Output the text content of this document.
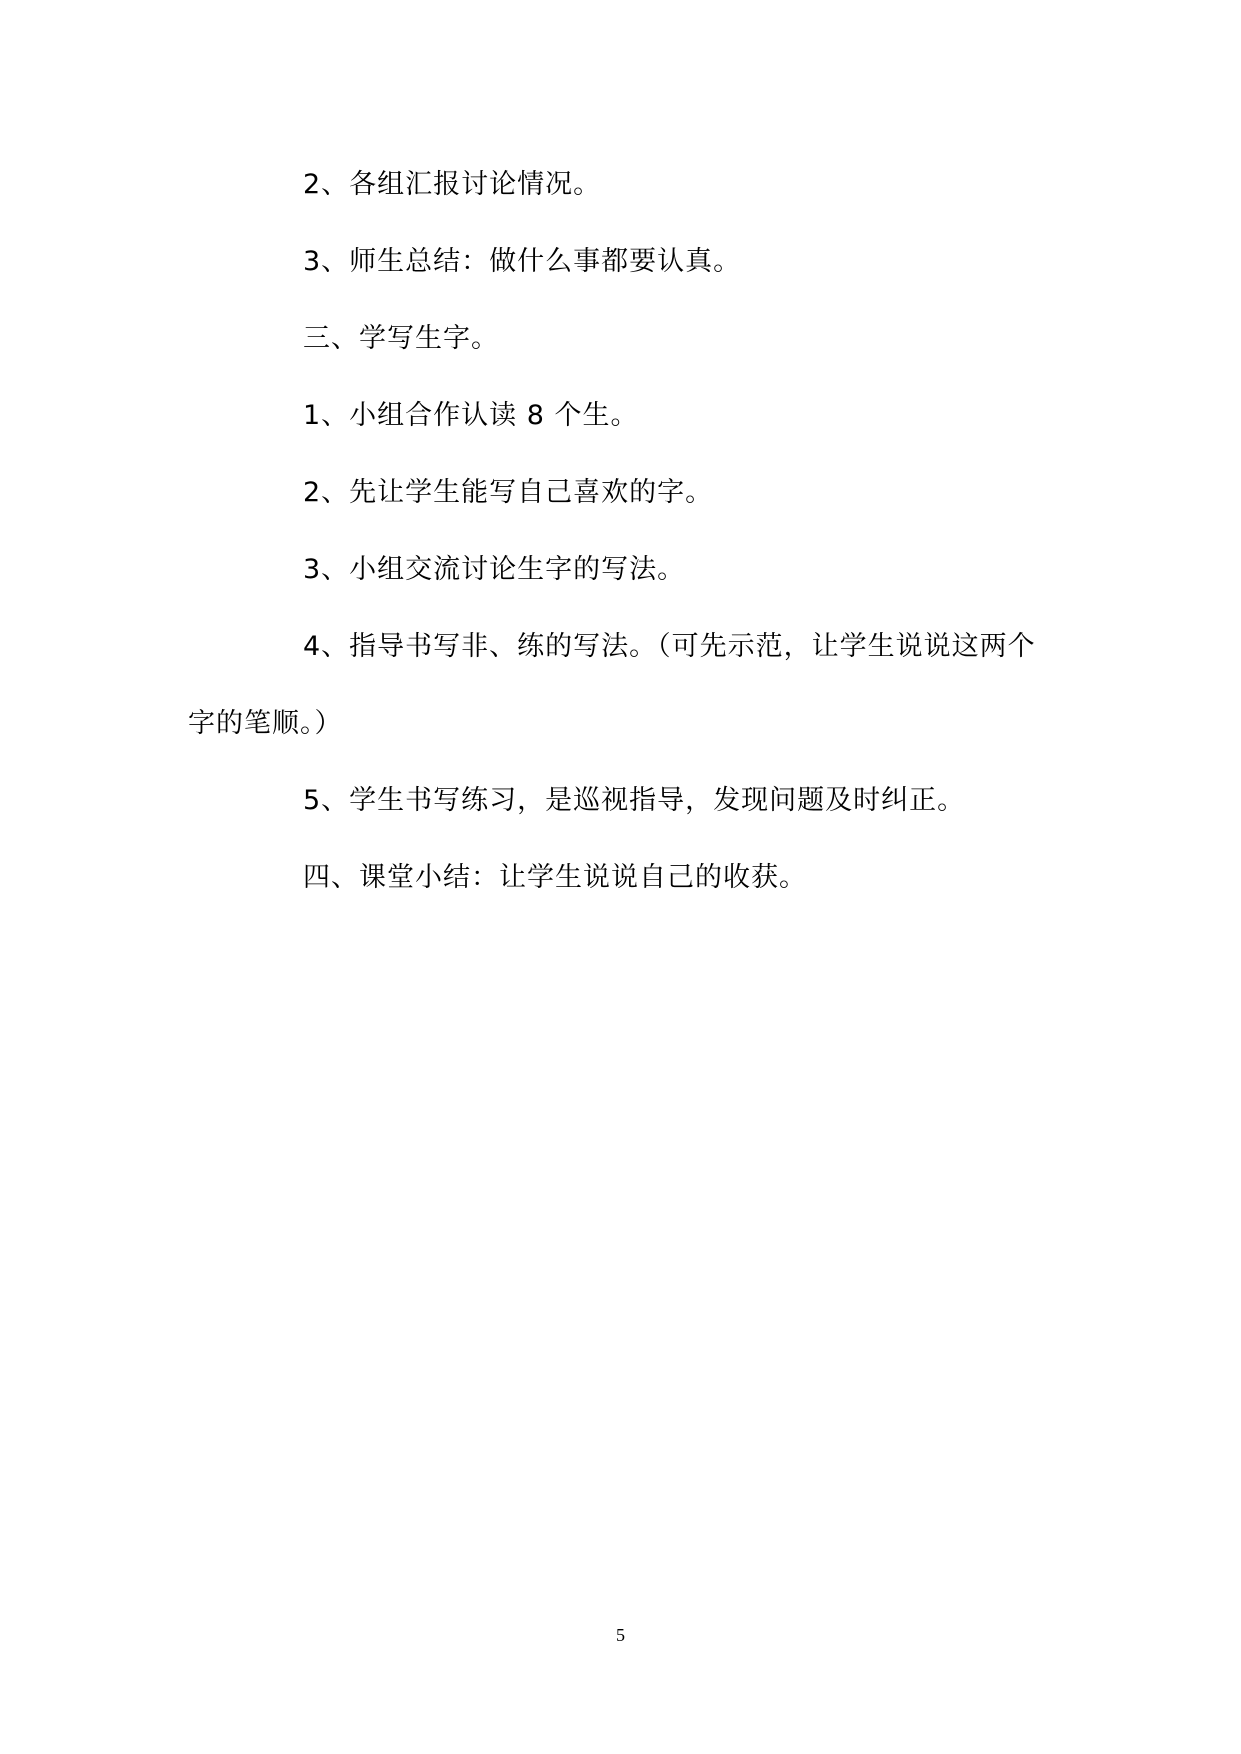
2、各组汇报讨论情况。

3、师生总结：做什么事都要认真。

三、学写生字。

1、小组合作认读 8 个生。

2、先让学生能写自己喜欢的字。

3、小组交流讨论生字的写法。

4、指导书写非、练的写法。（可先示范，让学生说说这两个字的笔顺。）

5、学生书写练习，是巡视指导，发现问题及时纠正。

四、课堂小结：让学生说说自己的收获。

5
